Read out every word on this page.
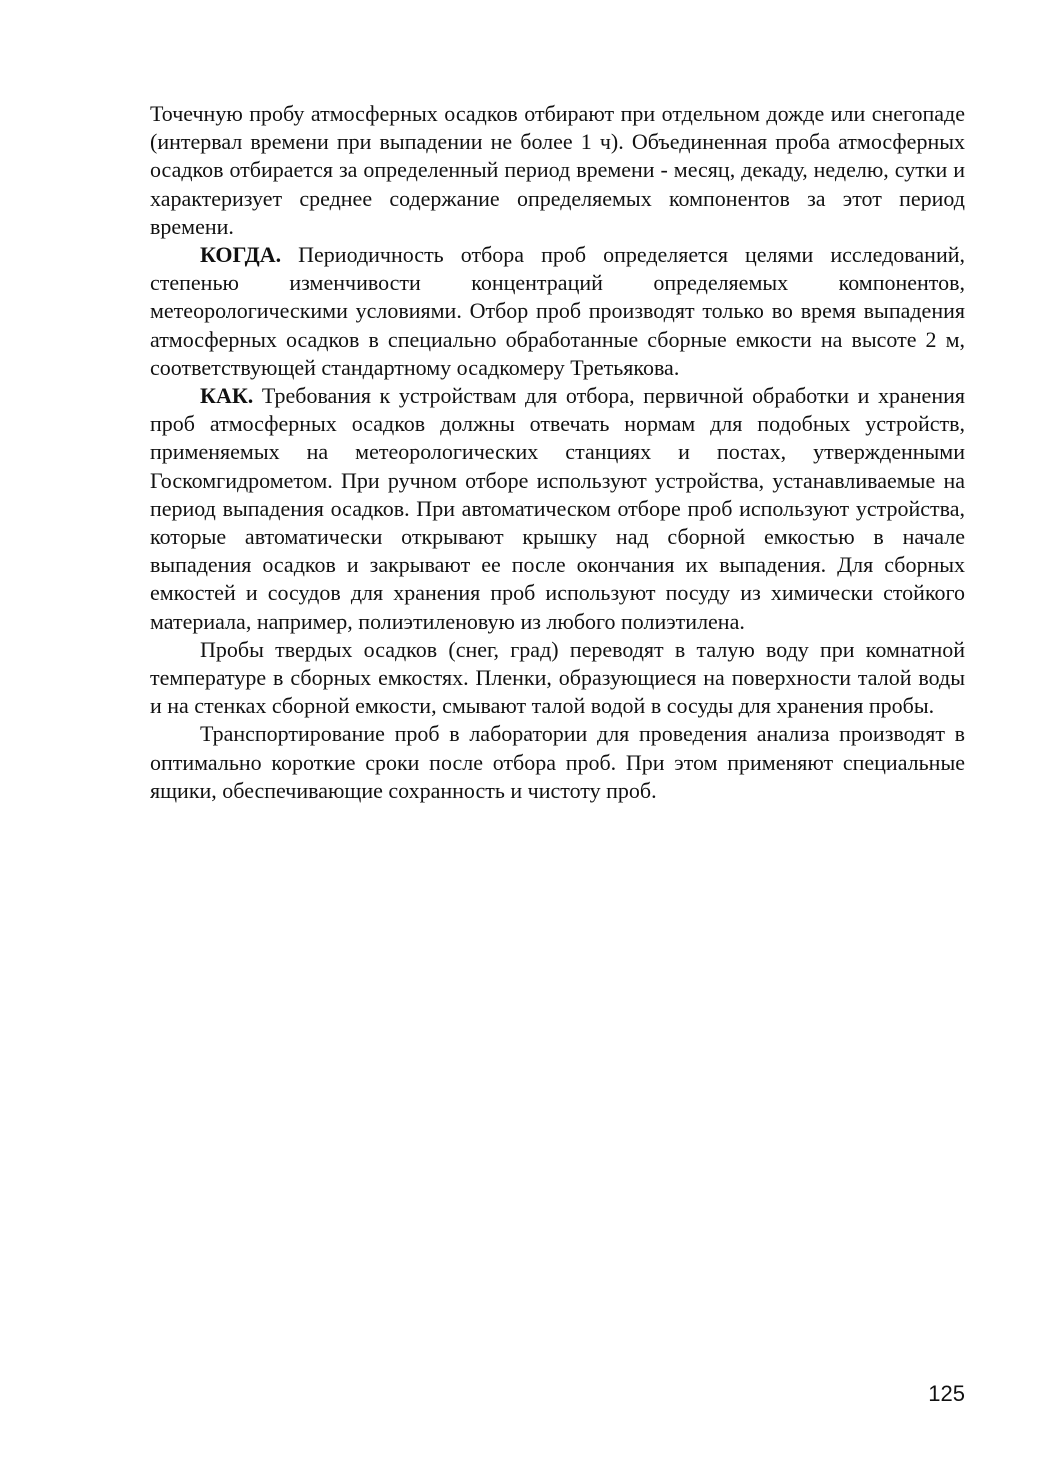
Точечную пробу атмосферных осадков отбирают при отдельном дожде или снегопаде (интервал времени при выпадении не более 1 ч). Объединенная проба атмосферных осадков отбирается за определенный период времени - месяц, декаду, неделю, сутки и характеризует среднее содержание определяемых компонентов за этот период времени.

КОГДА. Периодичность отбора проб определяется целями исследований, степенью изменчивости концентраций определяемых компонентов, метеорологическими условиями. Отбор проб производят только во время выпадения атмосферных осадков в специально обработанные сборные емкости на высоте 2 м, соответствующей стандартному осадкомеру Третьякова.

КАК. Требования к устройствам для отбора, первичной обработки и хранения проб атмосферных осадков должны отвечать нормам для подобных устройств, применяемых на метеорологических станциях и постах, утвержденными Госкомгидрометом. При ручном отборе используют устройства, устанавливаемые на период выпадения осадков. При автоматическом отборе проб используют устройства, которые автоматически открывают крышку над сборной емкостью в начале выпадения осадков и закрывают ее после окончания их выпадения. Для сборных емкостей и сосудов для хранения проб используют посуду из химически стойкого материала, например, полиэтиленовую из любого полиэтилена.

Пробы твердых осадков (снег, град) переводят в талую воду при комнатной температуре в сборных емкостях. Пленки, образующиеся на поверхности талой воды и на стенках сборной емкости, смывают талой водой в сосуды для хранения пробы.

Транспортирование проб в лаборатории для проведения анализа производят в оптимально короткие сроки после отбора проб. При этом применяют специальные ящики, обеспечивающие сохранность и чистоту проб.

125
